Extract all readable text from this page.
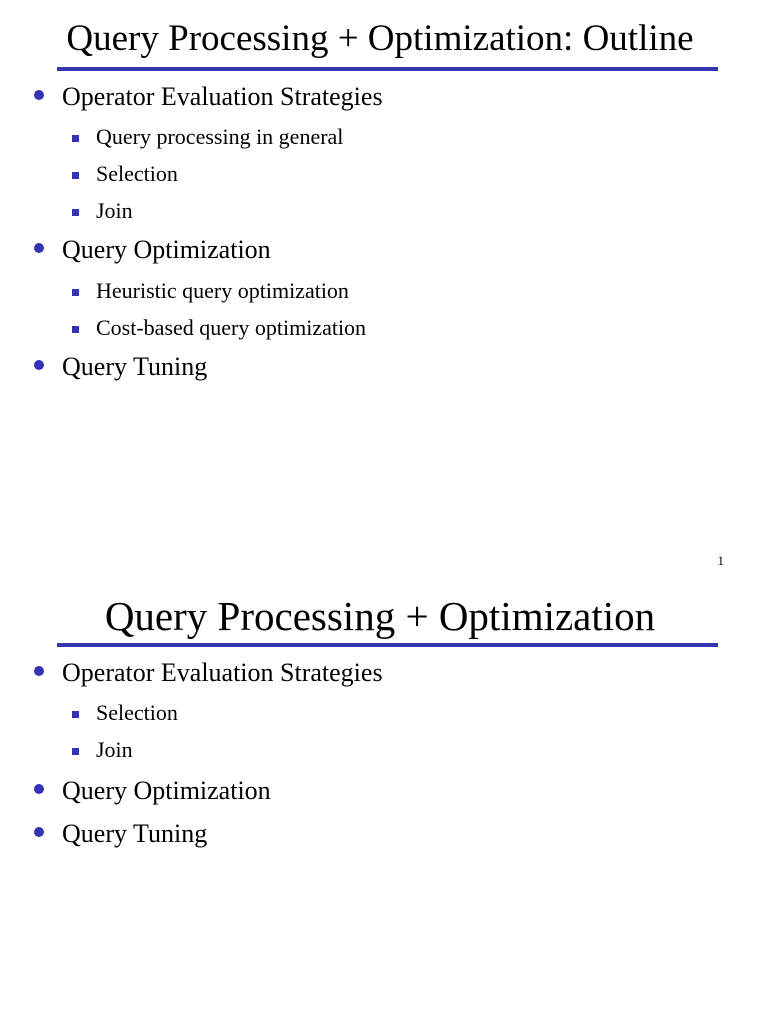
Query Processing + Optimization: Outline
Operator Evaluation Strategies
Query processing in general
Selection
Join
Query Optimization
Heuristic query optimization
Cost-based query optimization
Query Tuning
1
Query Processing + Optimization
Operator Evaluation Strategies
Selection
Join
Query Optimization
Query Tuning
